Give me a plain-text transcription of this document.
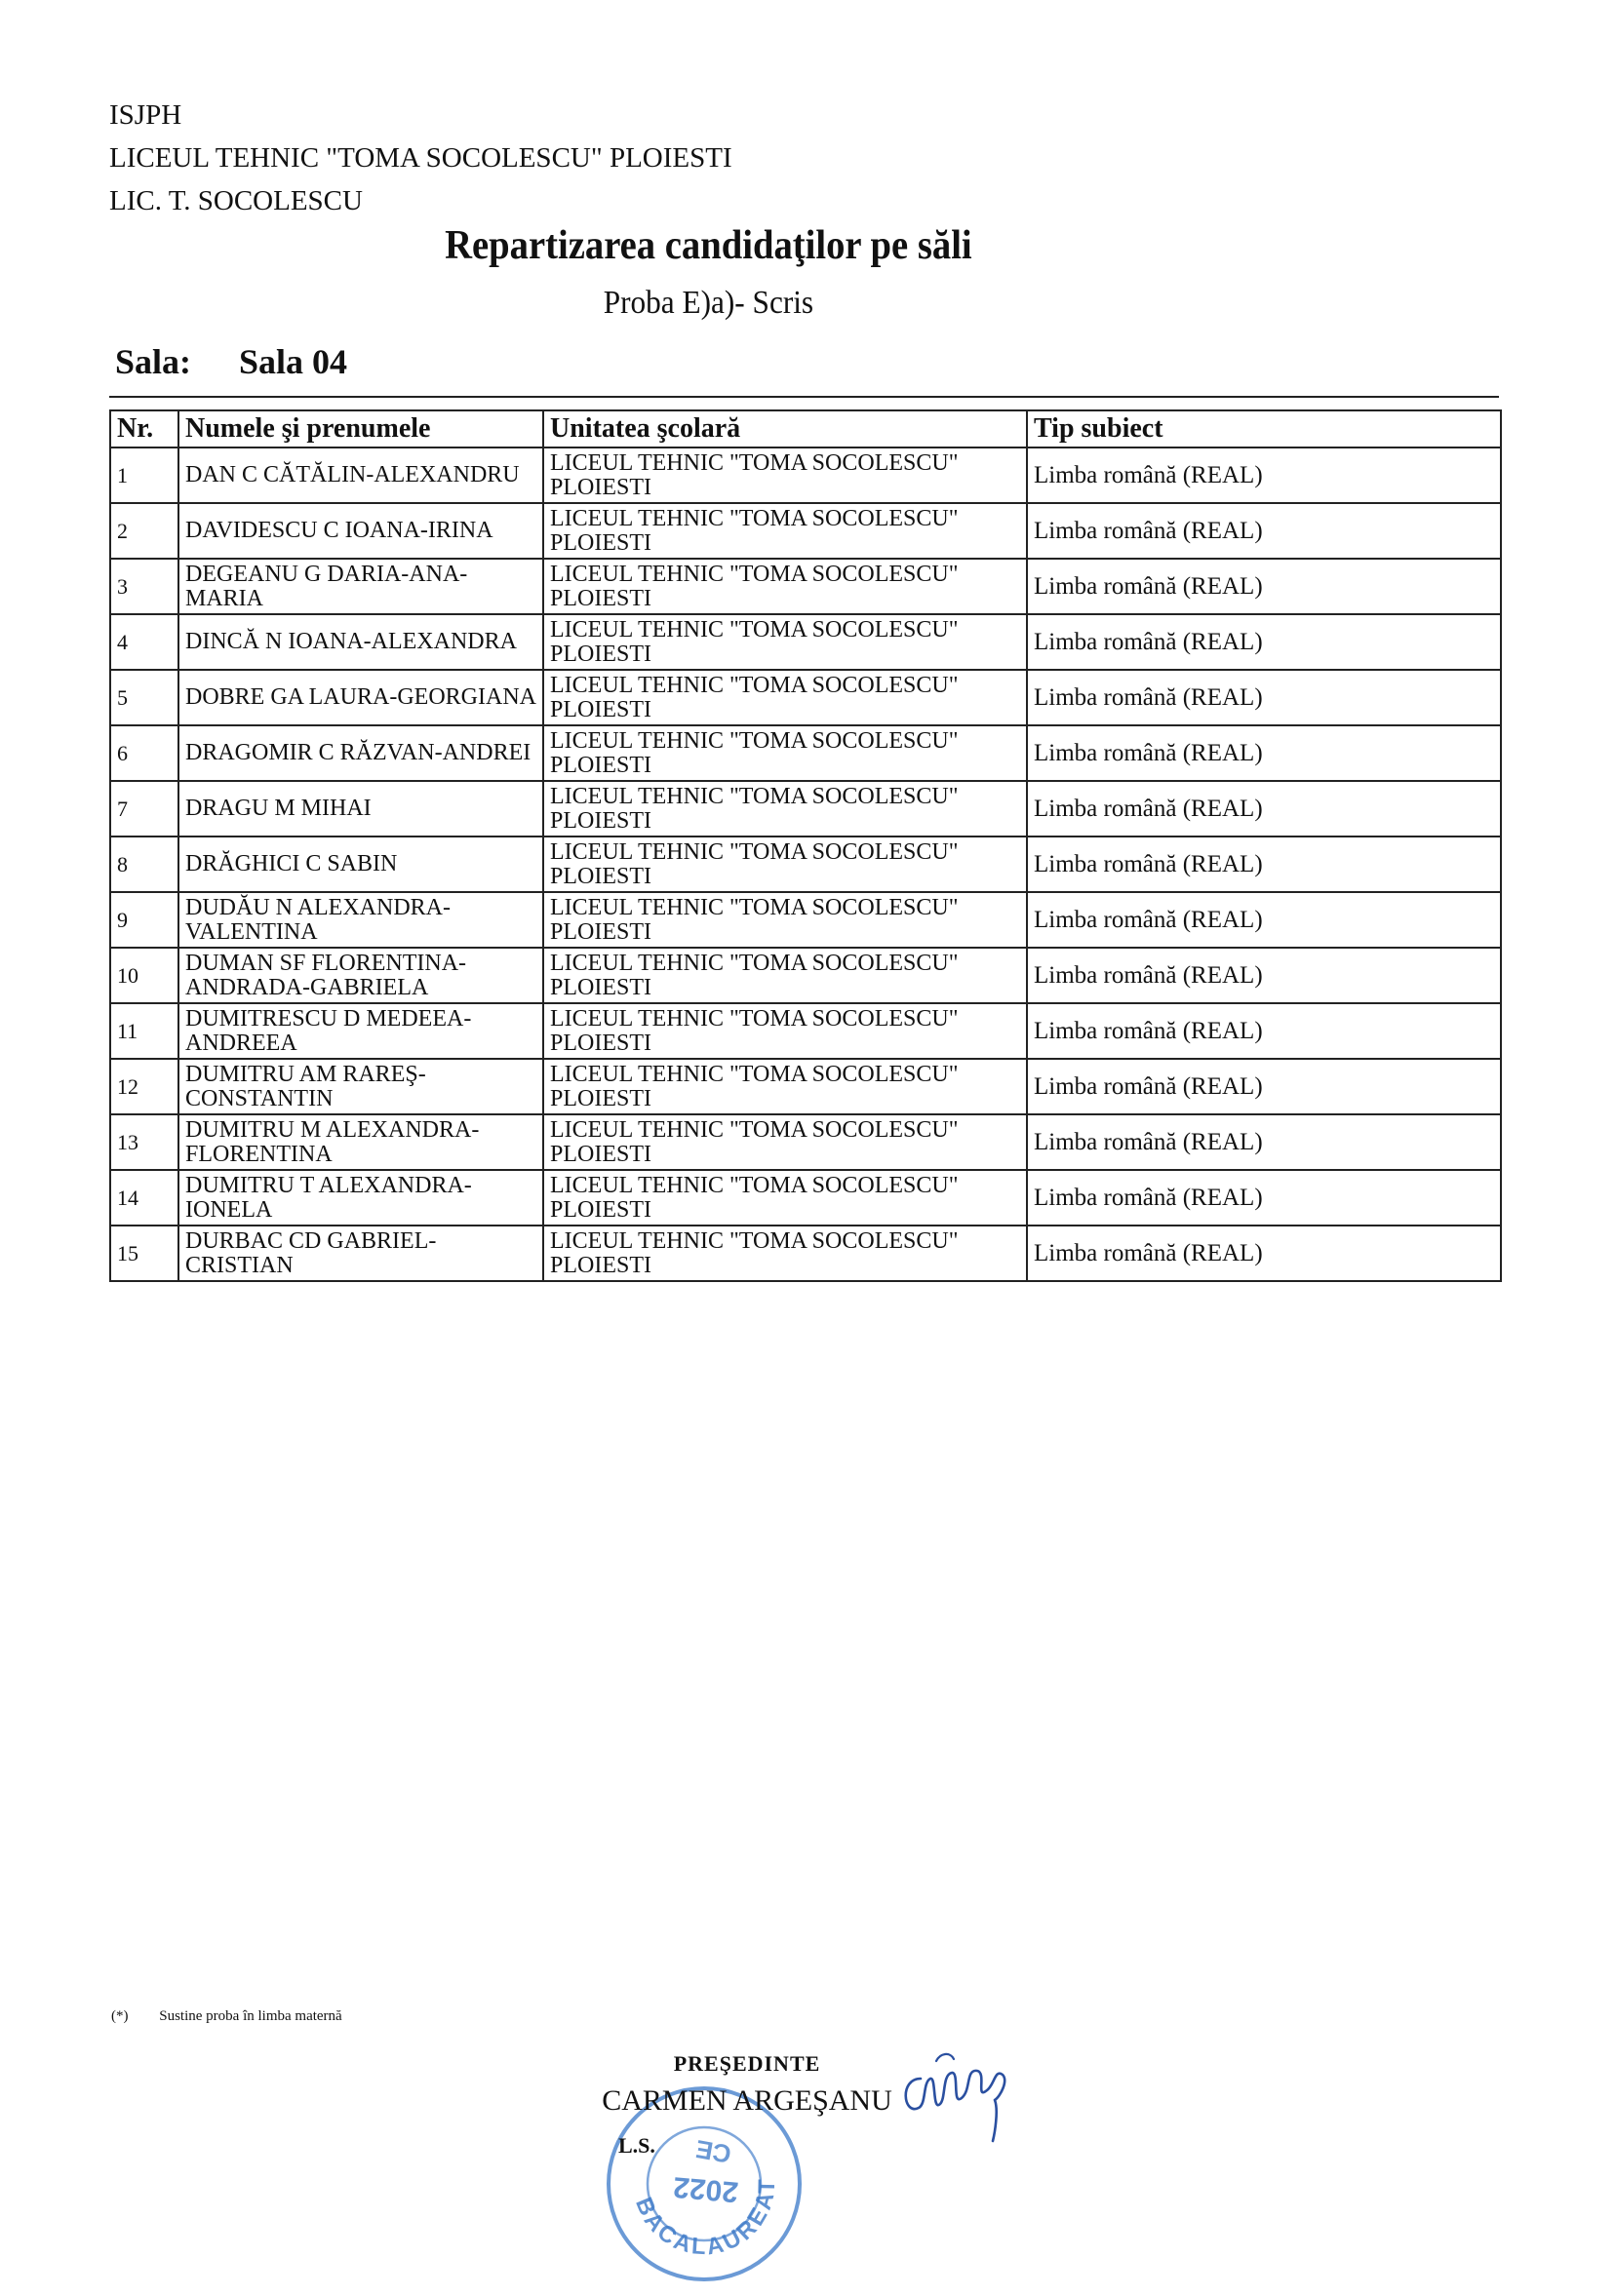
ISJPH
LICEUL TEHNIC "TOMA SOCOLESCU" PLOIESTI
LIC. T. SOCOLESCU
Repartizarea candidaţilor pe săli
Proba E)a)- Scris
Sala: Sala 04
Nr.	Numele şi prenumele	Unitatea şcolară	Tip subiect
1	DAN C CĂTĂLIN-ALEXANDRU	LICEUL TEHNIC "TOMA SOCOLESCU" PLOIESTI	Limba română (REAL)
2	DAVIDESCU C IOANA-IRINA	LICEUL TEHNIC "TOMA SOCOLESCU" PLOIESTI	Limba română (REAL)
3	DEGEANU G DARIA-ANA-MARIA	LICEUL TEHNIC "TOMA SOCOLESCU" PLOIESTI	Limba română (REAL)
4	DINCĂ N IOANA-ALEXANDRA	LICEUL TEHNIC "TOMA SOCOLESCU" PLOIESTI	Limba română (REAL)
5	DOBRE GA LAURA-GEORGIANA	LICEUL TEHNIC "TOMA SOCOLESCU" PLOIESTI	Limba română (REAL)
6	DRAGOMIR C RĂZVAN-ANDREI	LICEUL TEHNIC "TOMA SOCOLESCU" PLOIESTI	Limba română (REAL)
7	DRAGU M MIHAI	LICEUL TEHNIC "TOMA SOCOLESCU" PLOIESTI	Limba română (REAL)
8	DRĂGHICI C SABIN	LICEUL TEHNIC "TOMA SOCOLESCU" PLOIESTI	Limba română (REAL)
9	DUDĂU N ALEXANDRA-VALENTINA	LICEUL TEHNIC "TOMA SOCOLESCU" PLOIESTI	Limba română (REAL)
10	DUMAN SF FLORENTINA-ANDRADA-GABRIELA	LICEUL TEHNIC "TOMA SOCOLESCU" PLOIESTI	Limba română (REAL)
11	DUMITRESCU D MEDEEA-ANDREEA	LICEUL TEHNIC "TOMA SOCOLESCU" PLOIESTI	Limba română (REAL)
12	DUMITRU AM RAREŞ-CONSTANTIN	LICEUL TEHNIC "TOMA SOCOLESCU" PLOIESTI	Limba română (REAL)
13	DUMITRU M ALEXANDRA-FLORENTINA	LICEUL TEHNIC "TOMA SOCOLESCU" PLOIESTI	Limba română (REAL)
14	DUMITRU T ALEXANDRA-IONELA	LICEUL TEHNIC "TOMA SOCOLESCU" PLOIESTI	Limba română (REAL)
15	DURBAC CD GABRIEL-CRISTIAN	LICEUL TEHNIC "TOMA SOCOLESCU" PLOIESTI	Limba română (REAL)
(*) Sustine proba în limba maternă
BACALAUREAT
2022
CE
PREŞEDINTE
CARMEN ARGEŞANU
L.S.
